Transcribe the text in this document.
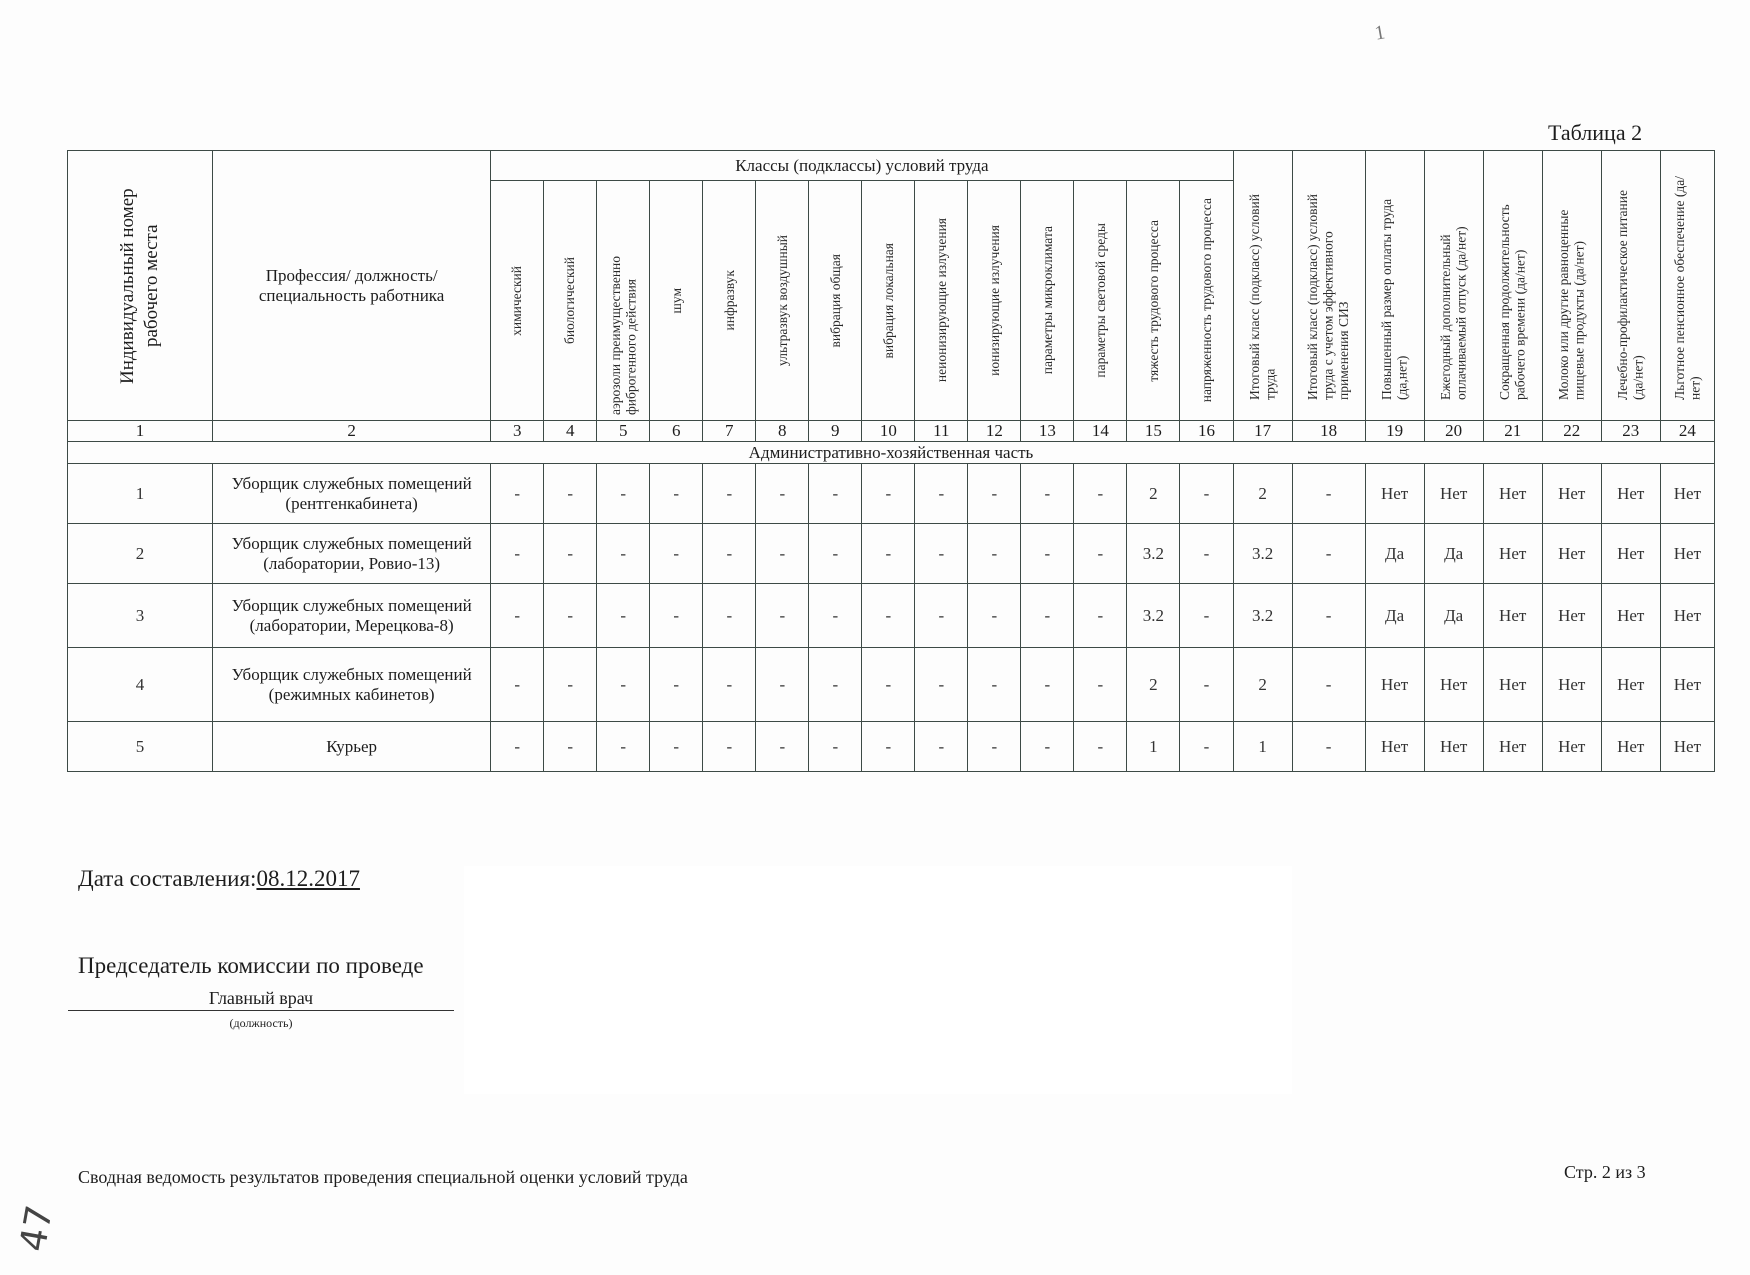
1
Таблица 2
Индивидуальный номер рабочего места	Профессия/ должность/ специальность работника	Классы (подклассы) условий труда														Итоговый класс (подкласс) условий труда	Итоговый класс (подкласс) условий труда с учетом эффективного применения СИЗ	Повышенный размер оплаты труда (да,нет)	Ежегодный дополнительный оплачиваемый отпуск (да/нет)	Сокращенная продолжительность рабочего времени (да/нет)	Молоко или другие равноценные пищевые продукты (да/нет)	Лечебно-профилактическое питание (да/нет)	Льготное пенсионное обеспечение (да/нет)

		химический	биологический	аэрозоли преимущественно фиброгенного действия	шум	инфразвук	ультразвук воздушный	вибрация общая	вибрация локальная	неионизирующие излучения	ионизирующие излучения	параметры микроклимата	параметры световой среды	тяжесть трудового процесса	напряженность трудового процесса								

1	2	3	4	5	6	7	8	9	10	11	12	13	14	15	16	17	18	19	20	21	22	23	24
Административно-хозяйственная часть																							
1	Уборщик служебных помещений (рентгенкабинета)	-	-	-	-	-	-	-	-	-	-	-	-	2	-	2	-	Нет	Нет	Нет	Нет	Нет	Нет
2	Уборщик служебных помещений (лаборатории, Ровио-13)	-	-	-	-	-	-	-	-	-	-	-	-	3.2	-	3.2	-	Да	Да	Нет	Нет	Нет	Нет
3	Уборщик служебных помещений (лаборатории, Мерецкова-8)	-	-	-	-	-	-	-	-	-	-	-	-	3.2	-	3.2	-	Да	Да	Нет	Нет	Нет	Нет
4	Уборщик служебных помещений (режимных кабинетов)	-	-	-	-	-	-	-	-	-	-	-	-	2	-	2	-	Нет	Нет	Нет	Нет	Нет	Нет
5	Курьер	-	-	-	-	-	-	-	-	-	-	-	-	1	-	1	-	Нет	Нет	Нет	Нет	Нет	Нет
Дата составления:08.12.2017
Председатель комиссии по проведе
Главный врач
(должность)
Сводная ведомость результатов проведения специальной оценки условий труда	Стр. 2 из 3
47
